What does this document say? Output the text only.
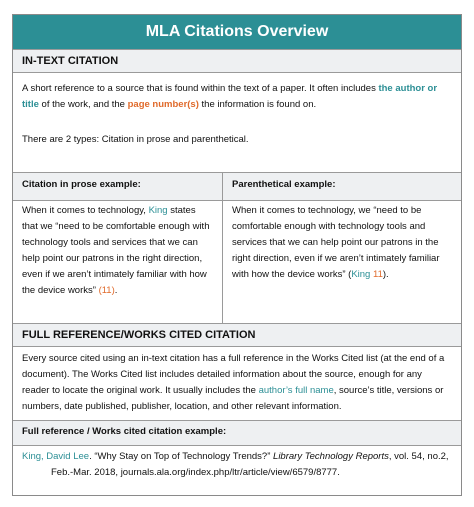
MLA Citations Overview
IN-TEXT CITATION
A short reference to a source that is found within the text of a paper. It often includes the author or title of the work, and the page number(s) the information is found on.
There are 2 types: Citation in prose and parenthetical.
Citation in prose example:	Parenthetical example:
When it comes to technology, King states that we “need to be comfortable enough with technology tools and services that we can help point our patrons in the right direction, even if we aren’t intimately familiar with how the device works” (11).
When it comes to technology, we “need to be comfortable enough with technology tools and services that we can help point our patrons in the right direction, even if we aren’t intimately familiar with how the device works” (King 11).
FULL REFERENCE/WORKS CITED CITATION
Every source cited using an in-text citation has a full reference in the Works Cited list (at the end of a document). The Works Cited list includes detailed information about the source, enough for any reader to locate the original work. It usually includes the author’s full name, source’s title, versions or numbers, date published, publisher, location, and other relevant information.
Full reference / Works cited citation example:
King, David Lee. “Why Stay on Top of Technology Trends?” Library Technology Reports, vol. 54, no.2, Feb.-Mar. 2018, journals.ala.org/index.php/ltr/article/view/6579/8777.
